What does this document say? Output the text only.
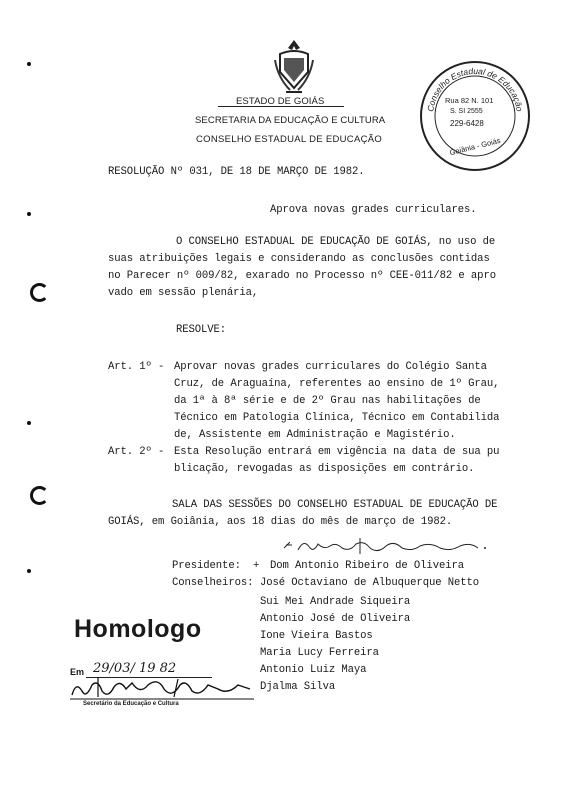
ESTADO DE GOIÁS
SECRETARIA DA EDUCAÇÃO E CULTURA
CONSELHO ESTADUAL DE EDUCAÇÃO
Conselho Estadual de Educação
Rua 82 N. 101
S. SI 2555
229-6428
Goiânia - Goiás
RESOLUÇÃO Nº 031, DE 18 DE MARÇO DE 1982.
Aprova novas grades curriculares.
O CONSELHO ESTADUAL DE EDUCAÇÃO DE GOIÁS, no uso de
suas atribuições legais e considerando as conclusões contidas
no Parecer nº 009/82, exarado no Processo nº CEE-011/82 e apro
vado em sessão plenária,
RESOLVE:
Art. 1º - Aprovar novas grades curriculares do Colégio Santa
Cruz, de Araguaína, referentes ao ensino de 1º Grau,
da 1ª à 8ª série e de 2º Grau nas habilitações de
Técnico em Patologia Clínica, Técnico em Contabilida
de, Assistente em Administração e Magistério.
Art. 2º - Esta Resolução entrará em vigência na data de sua pu
blicação, revogadas as disposições em contrário.
SALA DAS SESSÕES DO CONSELHO ESTADUAL DE EDUCAÇÃO DE
GOIÁS, em Goiânia, aos 18 dias do mês de março de 1982.
Presidente: + Dom Antonio Ribeiro de Oliveira
Conselheiros: José Octaviano de Albuquerque Netto
Sui Mei Andrade Siqueira
Antonio José de Oliveira
Ione Vieira Bastos
Maria Lucy Ferreira
Antonio Luiz Maya
Djalma Silva
Homologo
Em 29/03/ 19 82
Secretário da Educação e Cultura
